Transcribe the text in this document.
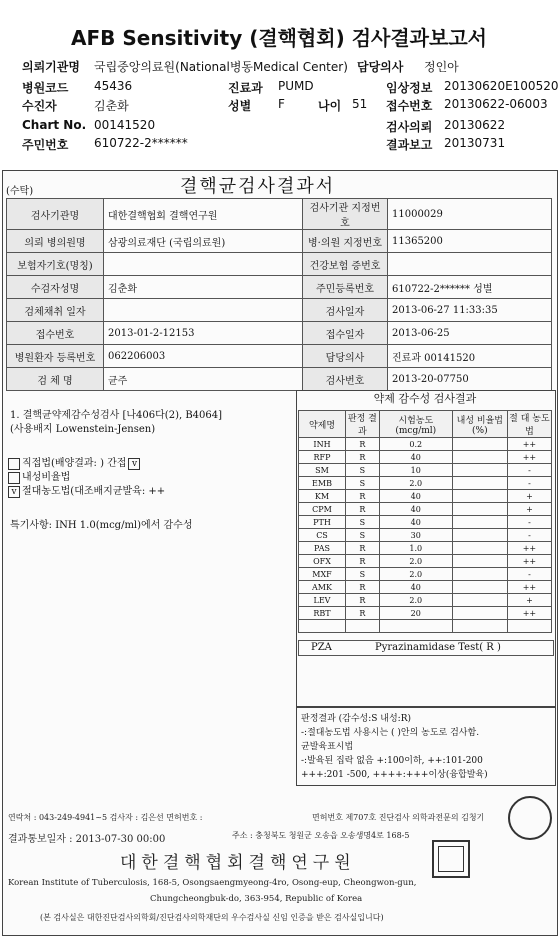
AFB Sensitivity (결핵협회) 검사결과보고서
의뢰기관명 국립중앙의료원(National병동Medical Center) 담당의사 정인아
병원코드 45436	진료과 PUMD	임상정보 20130620E100520
수진자	김춘화	성별 F	나이 51 접수번호 20130622-06003
Chart No. 00141520	검사의뢰 20130622
주민번호 610722-2******	결과보고 20130731
(수탁)	결핵균검사결과서
검사기관명	대한결핵협회 결핵연구원	검사기관 지정번호	11000029
의뢰 병의원명	삼광의료재단 (국립의료원)	병·의원 지정번호	11365200
보험자기호(명칭)		건강보험 증번호	
수검자성명	김춘화	주민등록번호	610722-2****** 성별
검체채취 일자		검사일자	2013-06-27 11:33:35
접수번호	2013-01-2-12153	접수일자	2013-06-25
병원환자 등록번호	062206003	담당의사	진료과 00141520
검 체 명	균주	검사번호	2013-20-07750
1. 결핵균약제감수성검사 [나406다(2), B4064]
(사용배지 Lowenstein-Jensen)
직접법(배양결과: ) 간접 v
내성비율법
v 절대농도법(대조배지균발육: ++
특기사항: INH 1.0(mcg/ml)에서 감수성
약제 감수성 검사결과
약제명	판정 결과	시험농도 (mcg/ml)	내성 비율법(%)	절 대 농도법
INH	R	0.2		++
RFP	R	40		++
SM	S	10		-
EMB	S	2.0		-
KM	R	40		+
CPM	R	40		+
PTH	S	40		-
CS	S	30		-
PAS	R	1.0		++
OFX	R	2.0		++
MXF	S	2.0		-
AMK	R	40		++
LEV	R	2.0		+
RBT	R	20		++

PZA	Pyrazinamidase Test( R )
판정결과 (감수성:S 내성:R)
-:절대농도법 사용시는 ( )안의 농도로 검사함.
균발육표시법
-:발육된 집락 없음 +:100이하, ++:101-200
+++:201 -500, ++++:+++이상(융합발육)
연락처 : 043-249-4941~5 검사자 : 김은선 면허번호 :	면허번호 제707호 진단검사 의학과전문의 김청기
결과통보일자 : 2013-07-30 00:00	주소 : 충청북도 청원군 오송읍 오송생명4로 168-5
대한결핵협회결핵연구원
Korean Institute of Tuberculosis, 168-5, Osongsaengmyeong-4ro, Osong-eup, Cheongwon-gun,
Chungcheongbuk-do, 363-954, Republic of Korea
(본 검사실은 대한진단검사의학회/진단검사의학재단의 우수검사실 신임 인증을 받은 검사실입니다)
